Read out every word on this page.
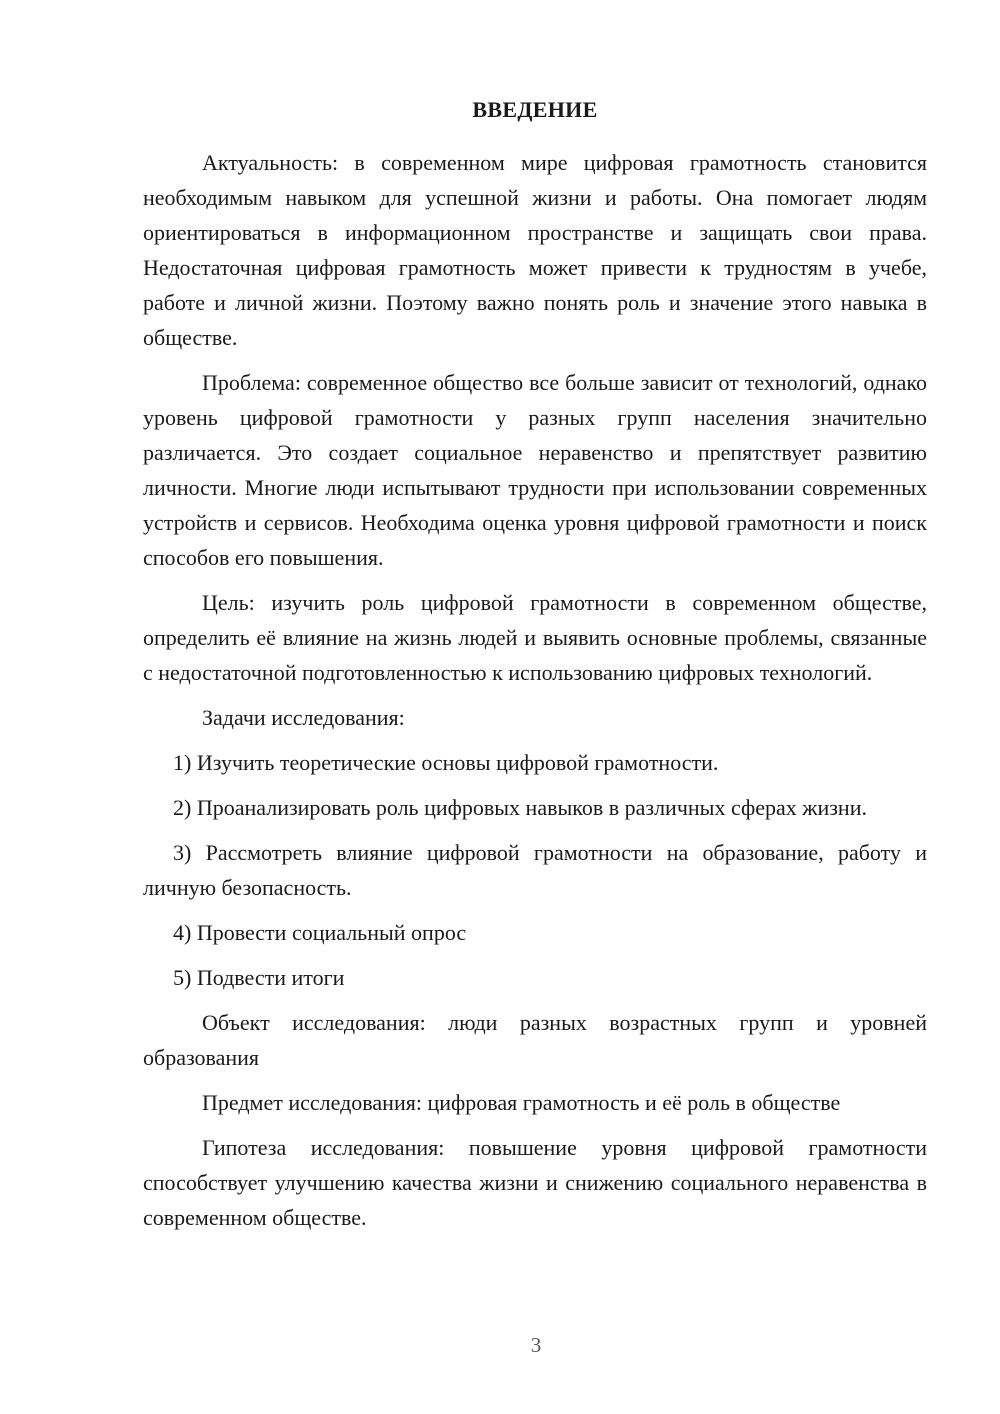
ВВЕДЕНИЕ

Актуальность: в современном мире цифровая грамотность становится необходимым навыком для успешной жизни и работы. Она помогает людям ориентироваться в информационном пространстве и защищать свои права. Недостаточная цифровая грамотность может привести к трудностям в учебе, работе и личной жизни. Поэтому важно понять роль и значение этого навыка в обществе.

Проблема: современное общество все больше зависит от технологий, однако уровень цифровой грамотности у разных групп населения значительно различается. Это создает социальное неравенство и препятствует развитию личности. Многие люди испытывают трудности при использовании современных устройств и сервисов. Необходима оценка уровня цифровой грамотности и поиск способов его повышения.

Цель: изучить роль цифровой грамотности в современном обществе, определить её влияние на жизнь людей и выявить основные проблемы, связанные с недостаточной подготовленностью к использованию цифровых технологий.

Задачи исследования:

1) Изучить теоретические основы цифровой грамотности.

2) Проанализировать роль цифровых навыков в различных сферах жизни.

3) Рассмотреть влияние цифровой грамотности на образование, работу и личную безопасность.

4) Провести социальный опрос

5) Подвести итоги

Объект исследования: люди разных возрастных групп и уровней образования

Предмет исследования: цифровая грамотность и её роль в обществе

Гипотеза исследования: повышение уровня цифровой грамотности способствует улучшению качества жизни и снижению социального неравенства в современном обществе.

3
